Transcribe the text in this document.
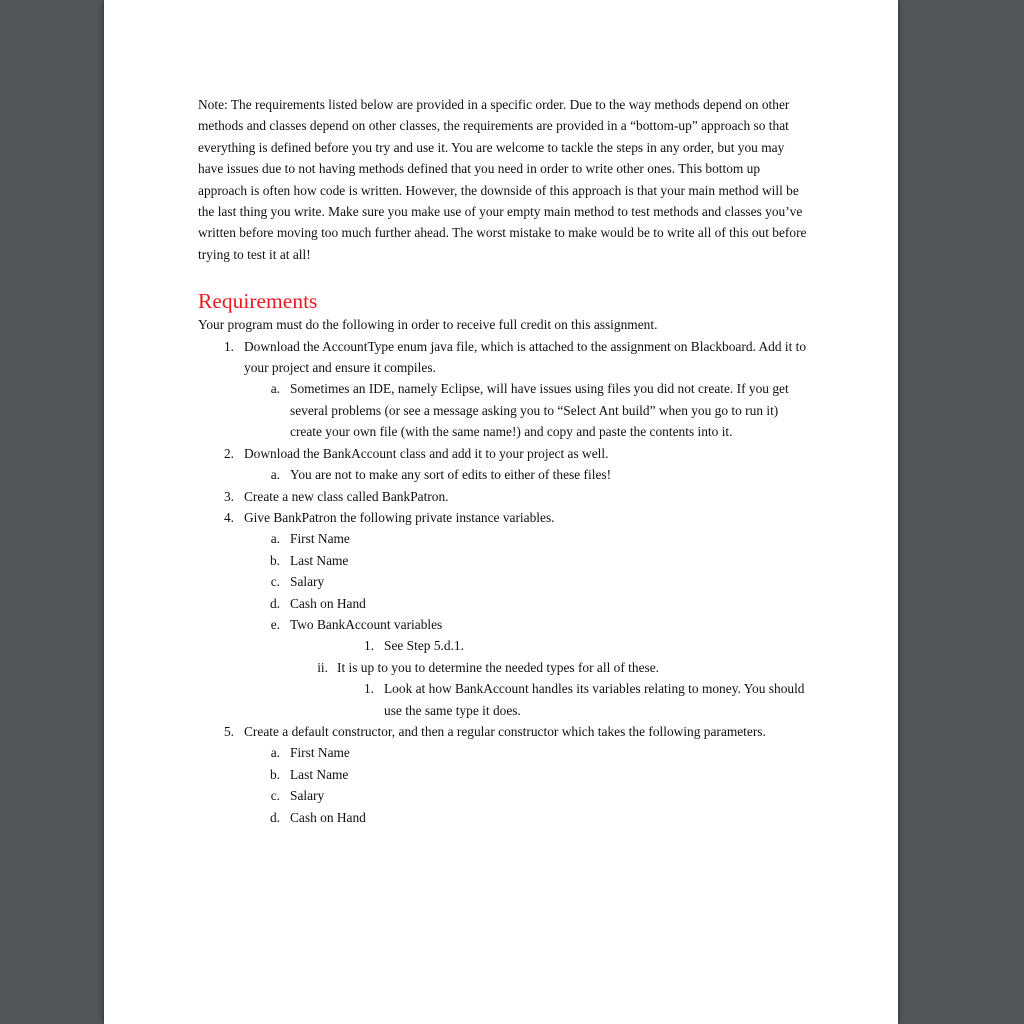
Note: The requirements listed below are provided in a specific order. Due to the way methods depend on other methods and classes depend on other classes, the requirements are provided in a “bottom-up” approach so that everything is defined before you try and use it. You are welcome to tackle the steps in any order, but you may have issues due to not having methods defined that you need in order to write other ones. This bottom up approach is often how code is written. However, the downside of this approach is that your main method will be the last thing you write. Make sure you make use of your empty main method to test methods and classes you’ve written before moving too much further ahead. The worst mistake to make would be to write all of this out before trying to test it at all!

Requirements

Your program must do the following in order to receive full credit on this assignment.

1. Download the AccountType enum java file, which is attached to the assignment on Blackboard. Add it to your project and ensure it compiles.
a. Sometimes an IDE, namely Eclipse, will have issues using files you did not create. If you get several problems (or see a message asking you to “Select Ant build” when you go to run it) create your own file (with the same name!) and copy and paste the contents into it.
2. Download the BankAccount class and add it to your project as well.
a. You are not to make any sort of edits to either of these files!
3. Create a new class called BankPatron.
4. Give BankPatron the following private instance variables.
a. First Name
b. Last Name
c. Salary
d. Cash on Hand
e. Two BankAccount variables
1. See Step 5.d.1.
ii. It is up to you to determine the needed types for all of these.
1. Look at how BankAccount handles its variables relating to money. You should use the same type it does.
5. Create a default constructor, and then a regular constructor which takes the following parameters.
a. First Name
b. Last Name
c. Salary
d. Cash on Hand
